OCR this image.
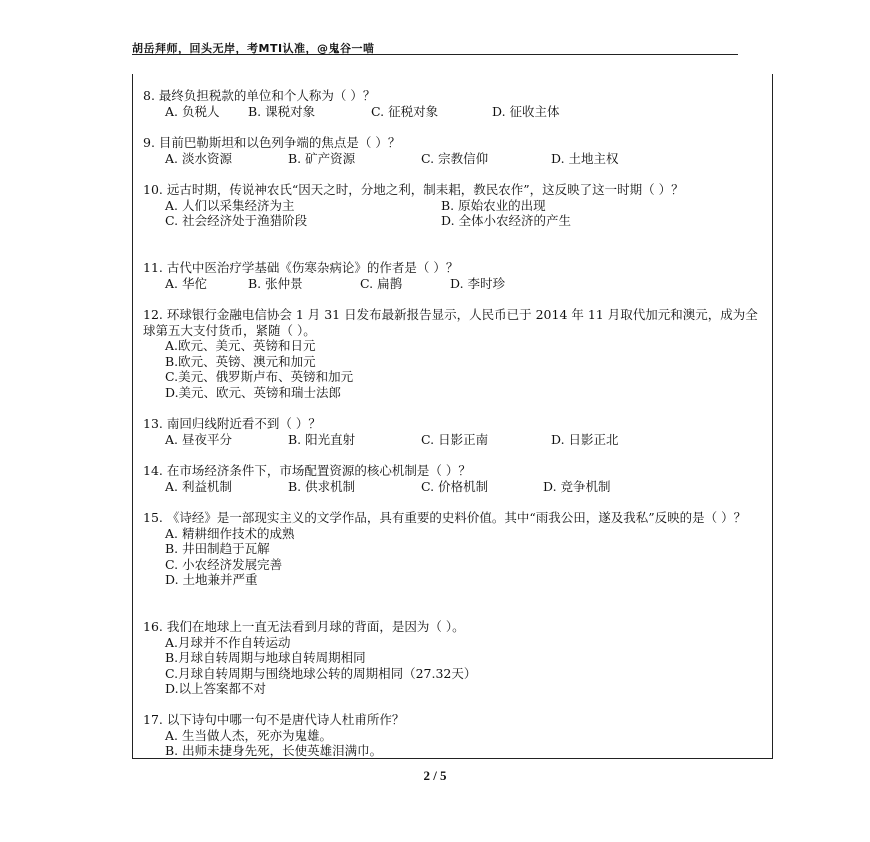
胡岳拜师，回头无岸，考MTI认准，@鬼谷一喵
8. 最终负担税款的单位和个人称为（ ）？
A. 负税人	B. 课税对象	C. 征税对象	D. 征收主体
9. 目前巴勒斯坦和以色列争端的焦点是（ ）？
A. 淡水资源	B. 矿产资源	C. 宗教信仰	D. 土地主权
10. 远古时期，传说神农氏“因天之时，分地之利，制耒耜，教民农作”，这反映了这一时期（ ）？
A. 人们以采集经济为主	B. 原始农业的出现
C. 社会经济处于渔猎阶段	D. 全体小农经济的产生
11. 古代中医治疗学基础《伤寒杂病论》的作者是（ ）？
A. 华佗	B. 张仲景	C. 扁鹊	D. 李时珍
12. 环球银行金融电信协会 1 月 31 日发布最新报告显示，人民币已于 2014 年 11 月取代加元和澳元，成为全球第五大支付货币，紧随（ ）。
A.欧元、美元、英镑和日元
B.欧元、英镑、澳元和加元
C.美元、俄罗斯卢布、英镑和加元
D.美元、欧元、英镑和瑞士法郎
13. 南回归线附近看不到（ ）？
A. 昼夜平分	B. 阳光直射	C. 日影正南	D. 日影正北
14. 在市场经济条件下，市场配置资源的核心机制是（ ）？
A. 利益机制	B. 供求机制	C. 价格机制	D. 竞争机制
15. 《诗经》是一部现实主义的文学作品，具有重要的史料价值。其中“雨我公田，遂及我私”反映的是（ ）？
A. 精耕细作技术的成熟
B. 井田制趋于瓦解
C. 小农经济发展完善
D. 土地兼并严重
16. 我们在地球上一直无法看到月球的背面，是因为（ ）。
A.月球并不作自转运动
B.月球自转周期与地球自转周期相同
C.月球自转周期与围绕地球公转的周期相同（27.32天）
D.以上答案都不对
17. 以下诗句中哪一句不是唐代诗人杜甫所作？
A. 生当做人杰，死亦为鬼雄。
B. 出师未捷身先死，长使英雄泪满巾。
2 / 5
